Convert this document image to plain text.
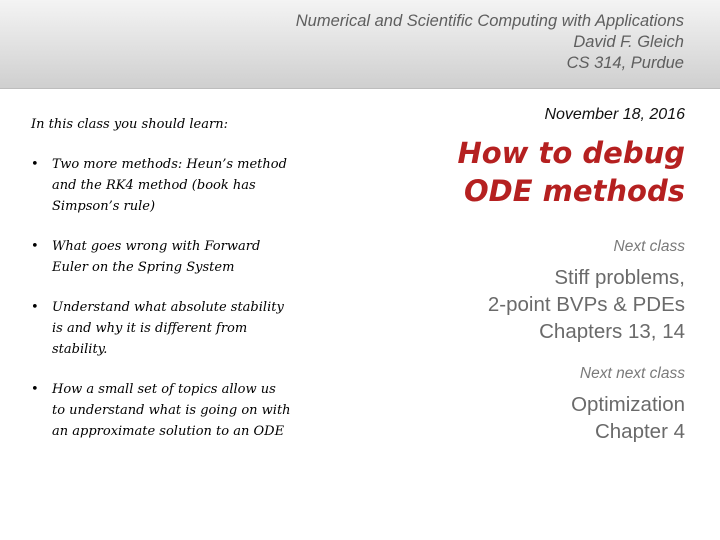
Numerical and Scientific Computing with Applications
David F. Gleich
CS 314, Purdue
In this class you should learn:
• Two more methods: Heun’s method
and the RK4 method (book has
Simpson’s rule)
• What goes wrong with Forward
Euler on the Spring System
• Understand what absolute stability
is and why it is different from
stability.
• How a small set of topics allow us
to understand what is going on with
an approximate solution to an ODE
November 18, 2016
How to debug
ODE methods
Next class
Stiff problems,
2-point BVPs & PDEs
Chapters 13, 14
Next next class
Optimization
Chapter 4
